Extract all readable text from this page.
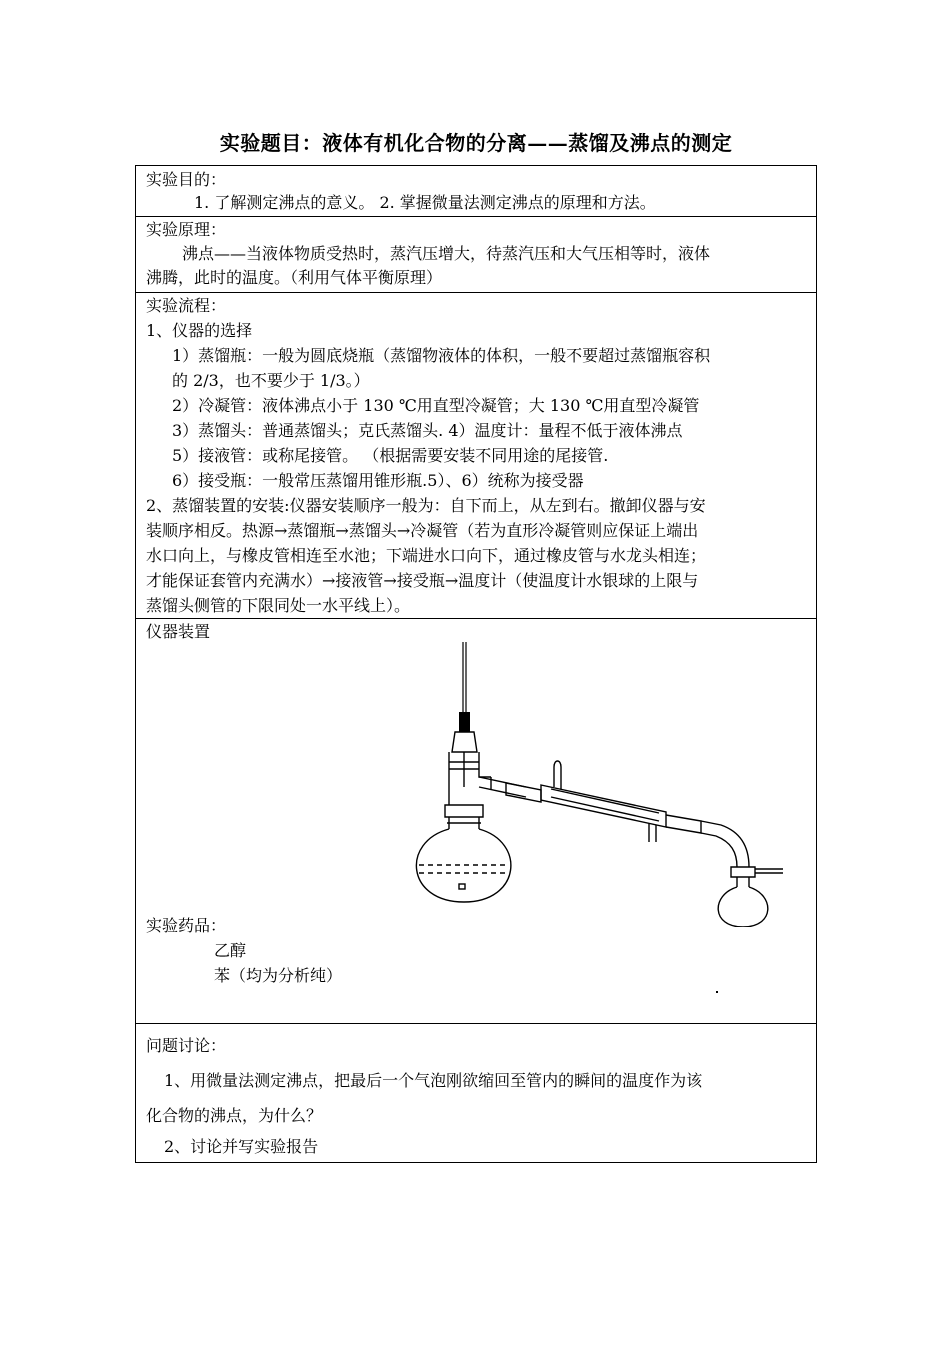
实验题目：液体有机化合物的分离——蒸馏及沸点的测定
实验目的：
1. 了解测定沸点的意义。 2. 掌握微量法测定沸点的原理和方法。
实验原理：
沸点——当液体物质受热时，蒸汽压增大，待蒸汽压和大气压相等时，液体
沸腾，此时的温度。（利用气体平衡原理）
实验流程：
1、仪器的选择
1）蒸馏瓶：一般为圆底烧瓶（蒸馏物液体的体积，一般不要超过蒸馏瓶容积
的 2/3，也不要少于 1/3。）
2）冷凝管：液体沸点小于 130 ℃用直型冷凝管；大 130 ℃用直型冷凝管
3）蒸馏头：普通蒸馏头；克氏蒸馏头. 4）温度计：量程不低于液体沸点
5）接液管：或称尾接管。 （根据需要安装不同用途的尾接管.
6）接受瓶：一般常压蒸馏用锥形瓶.5）、6）统称为接受器
2、蒸馏装置的安装:仪器安装顺序一般为：自下而上，从左到右。撤卸仪器与安
装顺序相反。热源→蒸馏瓶→蒸馏头→冷凝管（若为直形冷凝管则应保证上端出
水口向上，与橡皮管相连至水池；下端进水口向下，通过橡皮管与水龙头相连；
才能保证套管内充满水）→接液管→接受瓶→温度计（使温度计水银球的上限与
蒸馏头侧管的下限同处一水平线上）。
仪器装置
实验药品：
乙醇
苯（均为分析纯）
问题讨论：
1、用微量法测定沸点，把最后一个气泡刚欲缩回至管内的瞬间的温度作为该
化合物的沸点，为什么？
2、讨论并写实验报告
